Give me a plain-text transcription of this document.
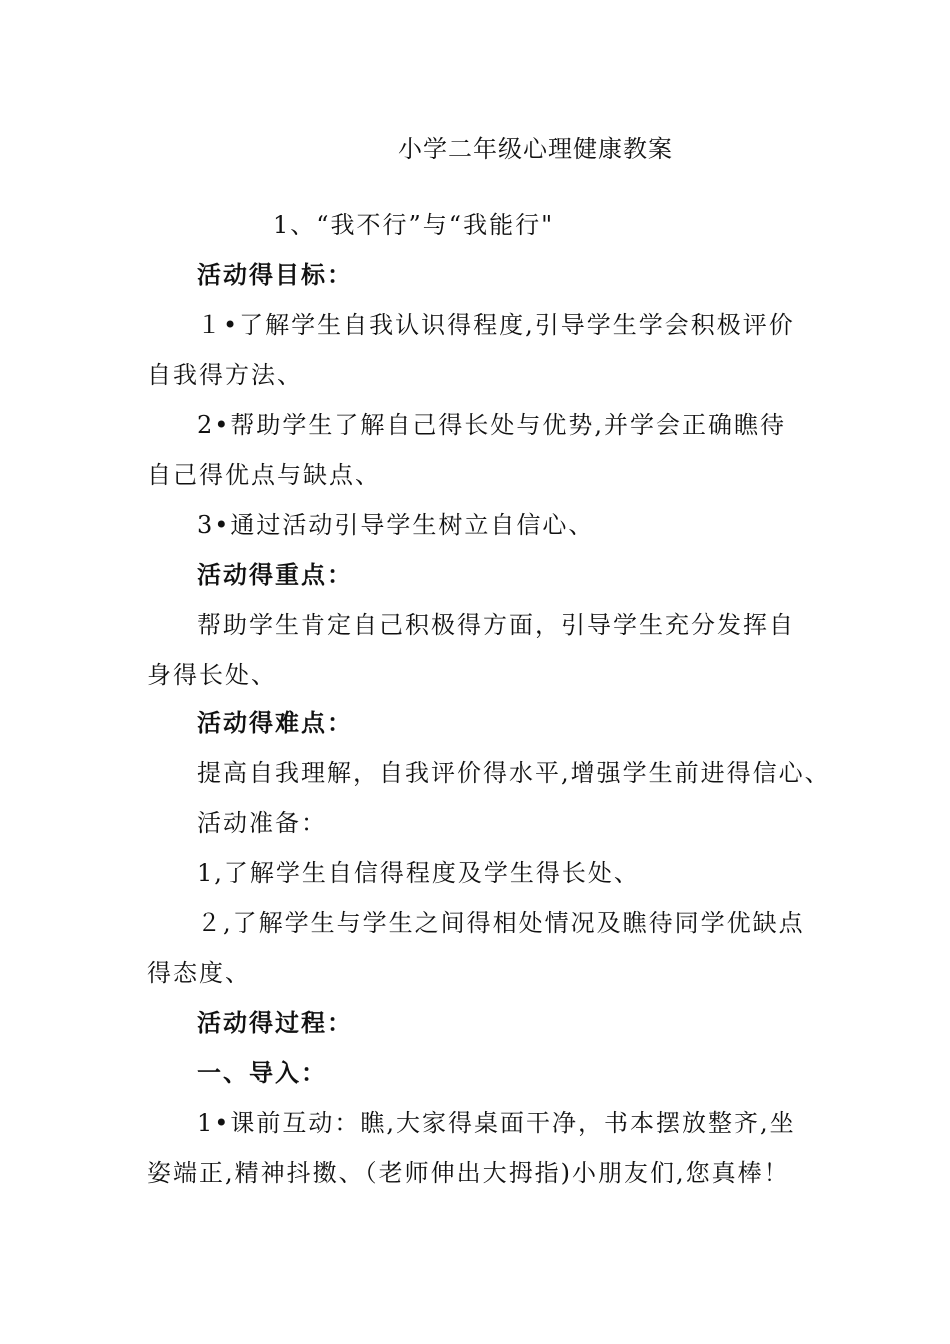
小学二年级心理健康教案
1、“我不行”与“我能行"
活动得目标：
１•了解学生自我认识得程度,引导学生学会积极评价
自我得方法、
2•帮助学生了解自己得长处与优势,并学会正确瞧待
自己得优点与缺点、
3•通过活动引导学生树立自信心、
活动得重点：
帮助学生肯定自己积极得方面，引导学生充分发挥自
身得长处、
活动得难点：
提高自我理解，自我评价得水平,增强学生前进得信心、
活动准备：
1,了解学生自信得程度及学生得长处、
２,了解学生与学生之间得相处情况及瞧待同学优缺点
得态度、
活动得过程：
一、导入：
1•课前互动：瞧,大家得桌面干净，书本摆放整齐,坐
姿端正,精神抖擞、（老师伸出大拇指)小朋友们,您真棒！
